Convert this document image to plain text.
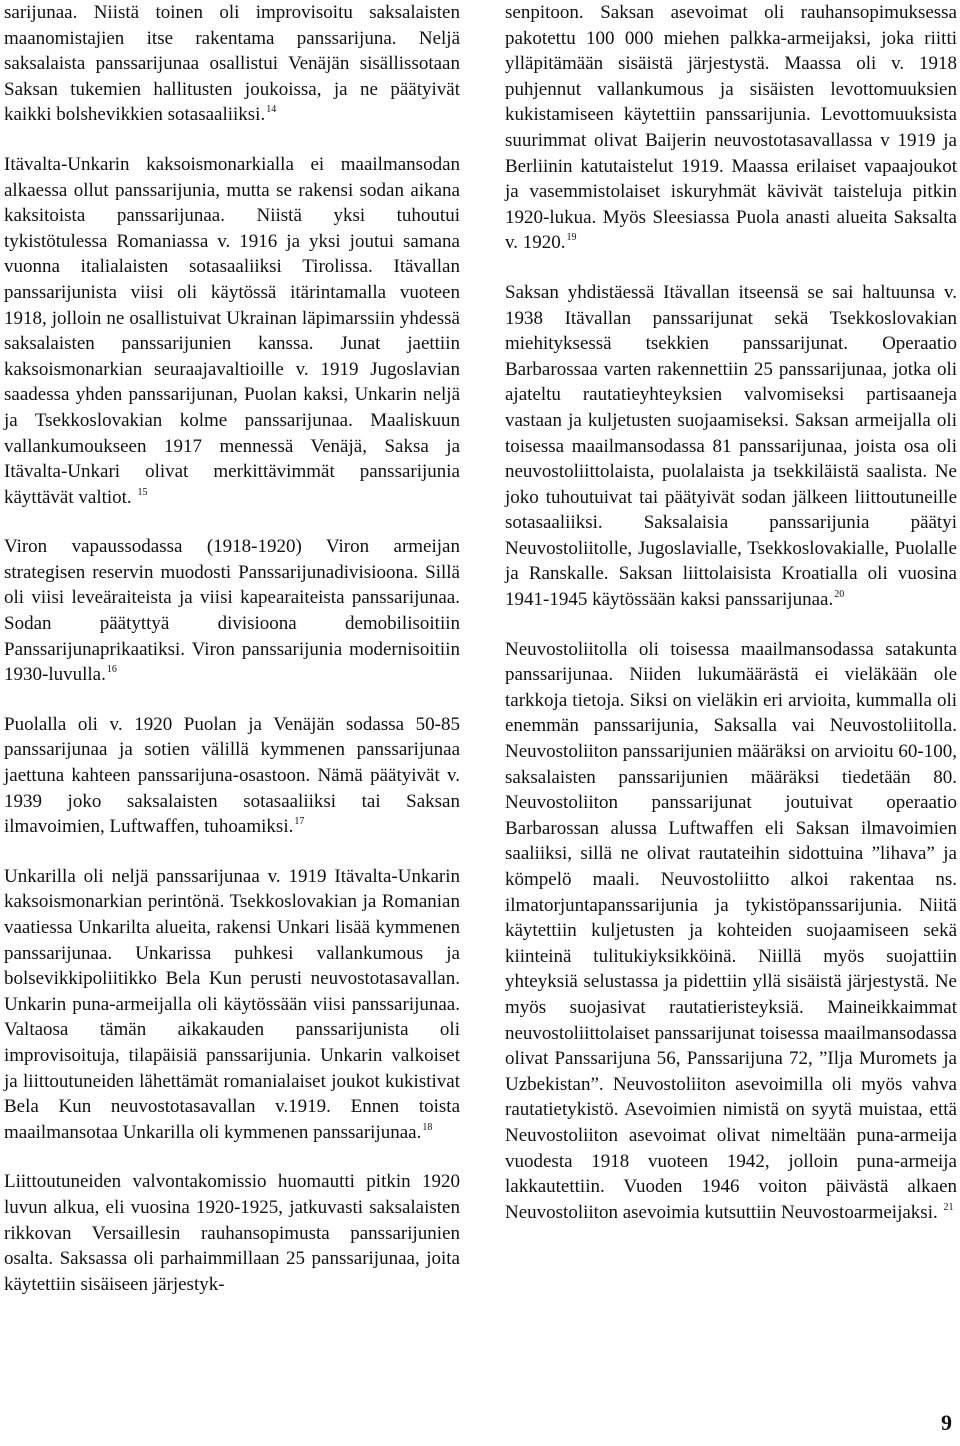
sarijunaa. Niistä toinen oli improvisoitu saksalaisten maanomistajien itse rakentama panssarijuna. Neljä saksalaista panssarijunaa osallistui Venäjän sisällissotaan Saksan tukemien hallitusten joukoissa, ja ne päätyivät kaikki bolshevikkien sotasaaliiksi.$^{14}$

Itävalta-Unkarin kaksoismonarkialla ei maailmansodan alkaessa ollut panssarijunia, mutta se rakensi sodan aikana kaksitoista panssarijunaa. Niistä yksi tuhoutui tykistötulessa Romaniassa v. 1916 ja yksi joutui samana vuonna italialaisten sotasaaliiksi Tirolissa. Itävallan panssarijunista viisi oli käytössä itärintamalla vuoteen 1918, jolloin ne osallistuivat Ukrainan läpimarssiin yhdessä saksalaisten panssarijunien kanssa. Junat jaettiin kaksoismonarkian seuraajavaltioille v. 1919 Jugoslavian saadessa yhden panssarijunan, Puolan kaksi, Unkarin neljä ja Tsekkoslovakian kolme panssarijunaa. Maaliskuun vallankumoukseen 1917 mennessä Venäjä, Saksa ja Itävalta-Unkari olivat merkittävimmät panssarijunia käyttävät valtiot. $^{15}$

Viron vapaussodassa (1918-1920) Viron armeijan strategisen reservin muodosti Panssarijunadivisioona. Sillä oli viisi leveäraiteista ja viisi kapearaiteista panssarijunaa. Sodan päätyttyä divisioona demobilisoitiin Panssarijunaprikaatiksi. Viron panssarijunia modernisoitiin 1930-luvulla.$^{16}$

Puolalla oli v. 1920 Puolan ja Venäjän sodassa 50-85 panssarijunaa ja sotien välillä kymmenen panssarijunaa jaettuna kahteen panssarijuna-osastoon. Nämä päätyivät v. 1939 joko saksalaisten sotasaaliiksi tai Saksan ilmavoimien, Luftwaffen, tuhoamiksi.$^{17}$

Unkarilla oli neljä panssarijunaa v. 1919 Itävalta-Unkarin kaksoismonarkian perintönä. Tsekkoslovakian ja Romanian vaatiessa Unkarilta alueita, rakensi Unkari lisää kymmenen panssarijunaa. Unkarissa puhkesi vallankumous ja bolsevikkipoliitikko Bela Kun perusti neuvostotasavallan. Unkarin puna-armeijalla oli käytössään viisi panssarijunaa. Valtaosa tämän aikakauden panssarijunista oli improvisoituja, tilapäisiä panssarijunia. Unkarin valkoiset ja liittoutuneiden lähettämät romanialaiset joukot kukistivat Bela Kun neuvostotasavallan v.1919. Ennen toista maailmansotaa Unkarilla oli kymmenen panssarijunaa.$^{18}$

Liittoutuneiden valvontakomissio huomautti pitkin 1920 luvun alkua, eli vuosina 1920-1925, jatkuvasti saksalaisten rikkovan Versaillesin rauhansopimusta panssarijunien osalta. Saksassa oli parhaimmillaan 25 panssarijunaa, joita käytettiin sisäiseen järjestyk-

senpitoon. Saksan asevoimat oli rauhansopimuksessa pakotettu 100 000 miehen palkka-armeijaksi, joka riitti ylläpitämään sisäistä järjestystä. Maassa oli v. 1918 puhjennut vallankumous ja sisäisten levottomuuksien kukistamiseen käytettiin panssarijunia. Levottomuuksista suurimmat olivat Baijerin neuvostotasavallassa v 1919 ja Berliinin katutaistelut 1919. Maassa erilaiset vapaajoukot ja vasemmistolaiset iskuryhmät kävivät taisteluja pitkin 1920-lukua. Myös Sleesiassa Puola anasti alueita Saksalta v. 1920.19

Saksan yhdistäessä Itävallan itseensä se sai haltuunsa v. 1938 Itävallan panssarijunat sekä Tsekkoslovakian miehityksessä tsekkien panssarijunat. Operaatio Barbarossaa varten rakennettiin 25 panssarijunaa, jotka oli ajateltu rautatieyhteyksien valvomiseksi partisaaneja vastaan ja kuljetusten suojaamiseksi. Saksan armeijalla oli toisessa maailmansodassa 81 panssarijunaa, joista osa oli neuvostoliittolaista, puolalaista ja tsekkiläistä saalista. Ne joko tuhoutuivat tai päätyivät sodan jälkeen liittoutuneille sotasaaliiksi. Saksalaisia panssarijunia päätyi Neuvostoliitolle, Jugoslavialle, Tsekkoslovakialle, Puolalle ja Ranskalle. Saksan liittolaisista Kroatialla oli vuosina 1941-1945 käytössään kaksi panssarijunaa.$^{20}$

Neuvostoliitolla oli toisessa maailmansodassa satakunta panssarijunaa. Niiden lukumäärästä ei vieläkään ole tarkkoja tietoja. Siksi on vieläkin eri arvioita, kummalla oli enemmän panssarijunia, Saksalla vai Neuvostoliitolla. Neuvostoliiton panssarijunien määräksi on arvioitu 60-100, saksalaisten panssarijunien määräksi tiedetään 80. Neuvostoliiton panssarijunat joutuivat operaatio Barbarossan alussa Luftwaffen eli Saksan ilmavoimien saaliiksi, sillä ne olivat rautateihin sidottuina ”lihava” ja kömpelö maali. Neuvostoliitto alkoi rakentaa ns. ilmatorjuntapanssarijunia ja tykistöpanssarijunia. Niitä käytettiin kuljetusten ja kohteiden suojaamiseen sekä kiinteinä tulitukiyksikköinä. Niillä myös suojattiin yhteyksiä selustassa ja pidettiin yllä sisäistä järjestystä. Ne myös suojasivat rautatieristeyksiä. Maineikkaimmat neuvostoliittolaiset panssarijunat toisessa maailmansodassa olivat Panssarijuna 56, Panssarijuna 72, ”Ilja Muromets ja Uzbekistan”. Neuvostoliiton asevoimilla oli myös vahva rautatietykistö. Asevoimien nimistä on syytä muistaa, että Neuvostoliiton asevoimat olivat nimeltään puna-armeija vuodesta 1918 vuoteen 1942, jolloin puna-armeija lakkautettiin. Vuoden 1946 voiton päivästä alkaen Neuvostoliiton asevoimia kutsuttiin Neuvostoarmeijaksi. $^{21}$

9
